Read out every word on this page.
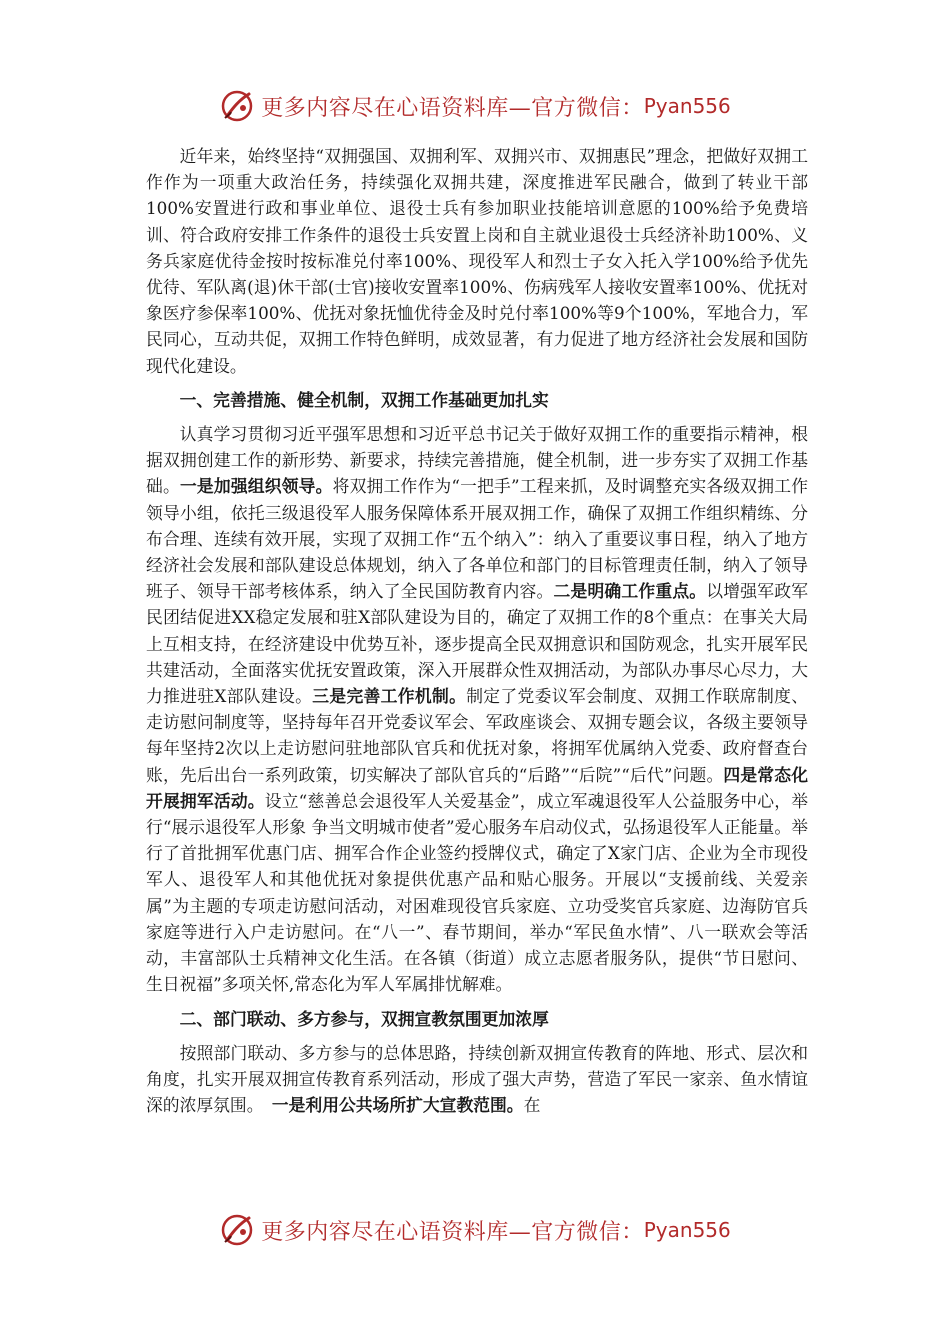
更多内容尽在心语资料库—官方微信： Pyan556

近年来，始终坚持“双拥强国、双拥利军、双拥兴市、双拥惠民”理念，把做好双拥工作作为一项重大政治任务，持续强化双拥共建，深度推进军民融合，做到了转业干部100%安置进行政和事业单位、退役士兵有参加职业技能培训意愿的100%给予免费培训、符合政府安排工作条件的退役士兵安置上岗和自主就业退役士兵经济补助100%、义务兵家庭优待金按时按标准兑付率100%、现役军人和烈士子女入托入学100%给予优先优待、军队离(退)休干部(士官)接收安置率100%、伤病残军人接收安置率100%、优抚对象医疗参保率100%、优抚对象抚恤优待金及时兑付率100%等9个100%，军地合力，军民同心，互动共促，双拥工作特色鲜明，成效显著，有力促进了地方经济社会发展和国防现代化建设。

一、完善措施、健全机制，双拥工作基础更加扎实

认真学习贯彻习近平强军思想和习近平总书记关于做好双拥工作的重要指示精神，根据双拥创建工作的新形势、新要求，持续完善措施，健全机制，进一步夯实了双拥工作基础。一是加强组织领导。将双拥工作作为“一把手”工程来抓，及时调整充实各级双拥工作领导小组，依托三级退役军人服务保障体系开展双拥工作，确保了双拥工作组织精练、分布合理、连续有效开展，实现了双拥工作“五个纳入”：纳入了重要议事日程，纳入了地方经济社会发展和部队建设总体规划，纳入了各单位和部门的目标管理责任制，纳入了领导班子、领导干部考核体系，纳入了全民国防教育内容。二是明确工作重点。以增强军政军民团结促进XX稳定发展和驻X部队建设为目的，确定了双拥工作的8个重点：在事关大局上互相支持，在经济建设中优势互补，逐步提高全民双拥意识和国防观念，扎实开展军民共建活动，全面落实优抚安置政策，深入开展群众性双拥活动，为部队办事尽心尽力，大力推进驻X部队建设。三是完善工作机制。制定了党委议军会制度、双拥工作联席制度、走访慰问制度等，坚持每年召开党委议军会、军政座谈会、双拥专题会议，各级主要领导每年坚持2次以上走访慰问驻地部队官兵和优抚对象，将拥军优属纳入党委、政府督查台账，先后出台一系列政策，切实解决了部队官兵的“后路”“后院”“后代”问题。四是常态化开展拥军活动。设立“慈善总会退役军人关爱基金”，成立军魂退役军人公益服务中心，举行“展示退役军人形象 争当文明城市使者”爱心服务车启动仪式，弘扬退役军人正能量。举行了首批拥军优惠门店、拥军合作企业签约授牌仪式，确定了X家门店、企业为全市现役军人、退役军人和其他优抚对象提供优惠产品和贴心服务。开展以“支援前线、关爱亲属”为主题的专项走访慰问活动，对困难现役官兵家庭、立功受奖官兵家庭、边海防官兵家庭等进行入户走访慰问。在“八一”、春节期间，举办“军民鱼水情”、八一联欢会等活动，丰富部队士兵精神文化生活。在各镇（街道）成立志愿者服务队，提供“节日慰问、生日祝福”多项关怀,常态化为军人军属排忧解难。

二、部门联动、多方参与，双拥宣教氛围更加浓厚

按照部门联动、多方参与的总体思路，持续创新双拥宣传教育的阵地、形式、层次和角度，扎实开展双拥宣传教育系列活动，形成了强大声势，营造了军民一家亲、鱼水情谊深的浓厚氛围。　一是利用公共场所扩大宣教范围。在

更多内容尽在心语资料库—官方微信： Pyan556
